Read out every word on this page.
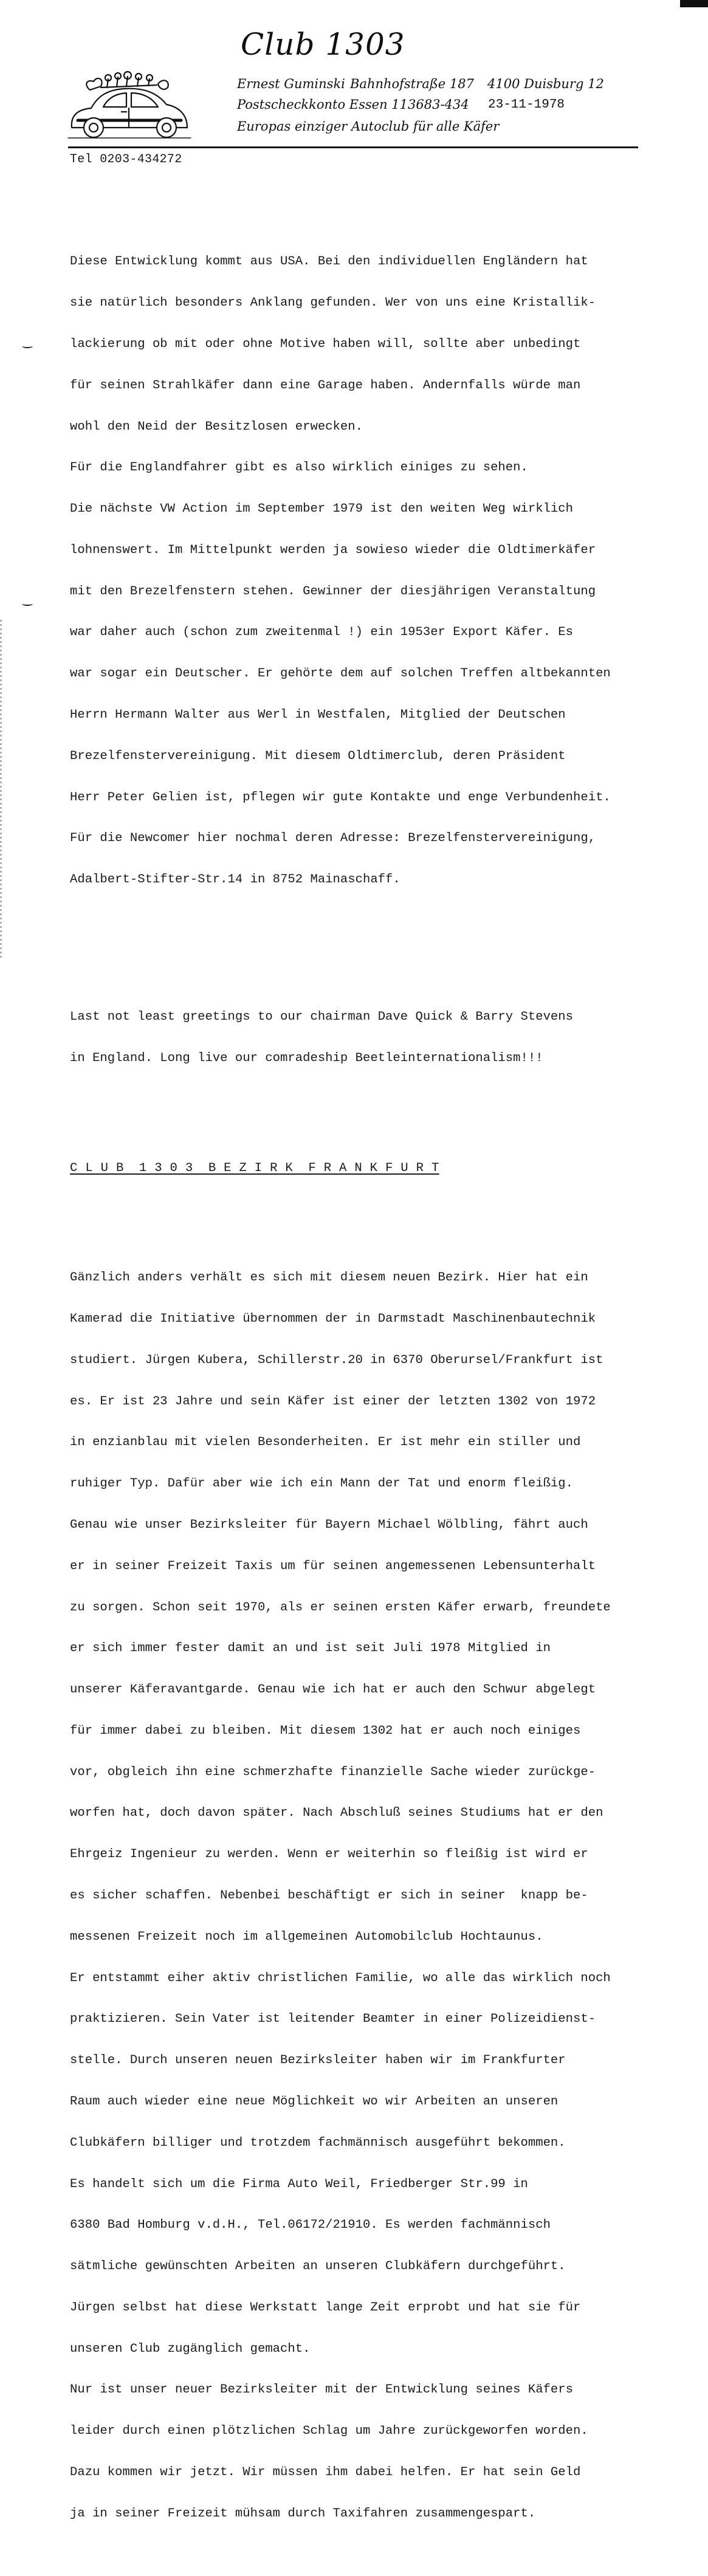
Club 1303
Ernest Guminski Bahnhofstraße 187 4100 Duisburg 12
Postscheckkonto Essen 113683-434 23-11-1978
Europas einziger Autoclub für alle Käfer
Tel 0203-434272

Diese Entwicklung kommt aus USA. Bei den individuellen Engländern hat

sie natürlich besonders Anklang gefunden. Wer von uns eine Kristallik-

lackierung ob mit oder ohne Motive haben will, sollte aber unbedingt

für seinen Strahlkäfer dann eine Garage haben. Andernfalls würde man

wohl den Neid der Besitzlosen erwecken.

Für die Englandfahrer gibt es also wirklich einiges zu sehen.

Die nächste VW Action im September 1979 ist den weiten Weg wirklich

lohnenswert. Im Mittelpunkt werden ja sowieso wieder die Oldtimerkäfer

mit den Brezelfenstern stehen. Gewinner der diesjährigen Veranstaltung

war daher auch (schon zum zweitenmal !) ein 1953er Export Käfer. Es

war sogar ein Deutscher. Er gehörte dem auf solchen Treffen altbekannten

Herrn Hermann Walter aus Werl in Westfalen, Mitglied der Deutschen

Brezelfenstervereinigung. Mit diesem Oldtimerclub, deren Präsident

Herr Peter Gelien ist, pflegen wir gute Kontakte und enge Verbundenheit.

Für die Newcomer hier nochmal deren Adresse: Brezelfenstervereinigung,

Adalbert-Stifter-Str.14 in 8752 Mainaschaff.

Last not least greetings to our chairman Dave Quick & Barry Stevens

in England. Long live our comradeship Beetleinternationalism!!!

C L U B  1 3 0 3  B E Z I R K  F R A N K F U R T

Gänzlich anders verhält es sich mit diesem neuen Bezirk. Hier hat ein

Kamerad die Initiative übernommen der in Darmstadt Maschinenbautechnik

studiert. Jürgen Kubera, Schillerstr.20 in 6370 Oberursel/Frankfurt ist

es. Er ist 23 Jahre und sein Käfer ist einer der letzten 1302 von 1972

in enzianblau mit vielen Besonderheiten. Er ist mehr ein stiller und

ruhiger Typ. Dafür aber wie ich ein Mann der Tat und enorm fleißig.

Genau wie unser Bezirksleiter für Bayern Michael Wölbling, fährt auch

er in seiner Freizeit Taxis um für seinen angemessenen Lebensunterhalt

zu sorgen. Schon seit 1970, als er seinen ersten Käfer erwarb, freundete

er sich immer fester damit an und ist seit Juli 1978 Mitglied in

unserer Käferavantgarde. Genau wie ich hat er auch den Schwur abgelegt

für immer dabei zu bleiben. Mit diesem 1302 hat er auch noch einiges

vor, obgleich ihn eine schmerzhafte finanzielle Sache wieder zurückge-

worfen hat, doch davon später. Nach Abschluß seines Studiums hat er den

Ehrgeiz Ingenieur zu werden. Wenn er weiterhin so fleißig ist wird er

es sicher schaffen. Nebenbei beschäftigt er sich in seiner  knapp be-

messenen Freizeit noch im allgemeinen Automobilclub Hochtaunus.

Er entstammt eiher aktiv christlichen Familie, wo alle das wirklich noch

praktizieren. Sein Vater ist leitender Beamter in einer Polizeidienst-

stelle. Durch unseren neuen Bezirksleiter haben wir im Frankfurter

Raum auch wieder eine neue Möglichkeit wo wir Arbeiten an unseren

Clubkäfern billiger und trotzdem fachmännisch ausgeführt bekommen.

Es handelt sich um die Firma Auto Weil, Friedberger Str.99 in

6380 Bad Homburg v.d.H., Tel.06172/21910. Es werden fachmännisch

sätmliche gewünschten Arbeiten an unseren Clubkäfern durchgeführt.

Jürgen selbst hat diese Werkstatt lange Zeit erprobt und hat sie für

unseren Club zugänglich gemacht.

Nur ist unser neuer Bezirksleiter mit der Entwicklung seines Käfers

leider durch einen plötzlichen Schlag um Jahre zurückgeworfen worden.

Dazu kommen wir jetzt. Wir müssen ihm dabei helfen. Er hat sein Geld

ja in seiner Freizeit mühsam durch Taxifahren zusammengespart.
